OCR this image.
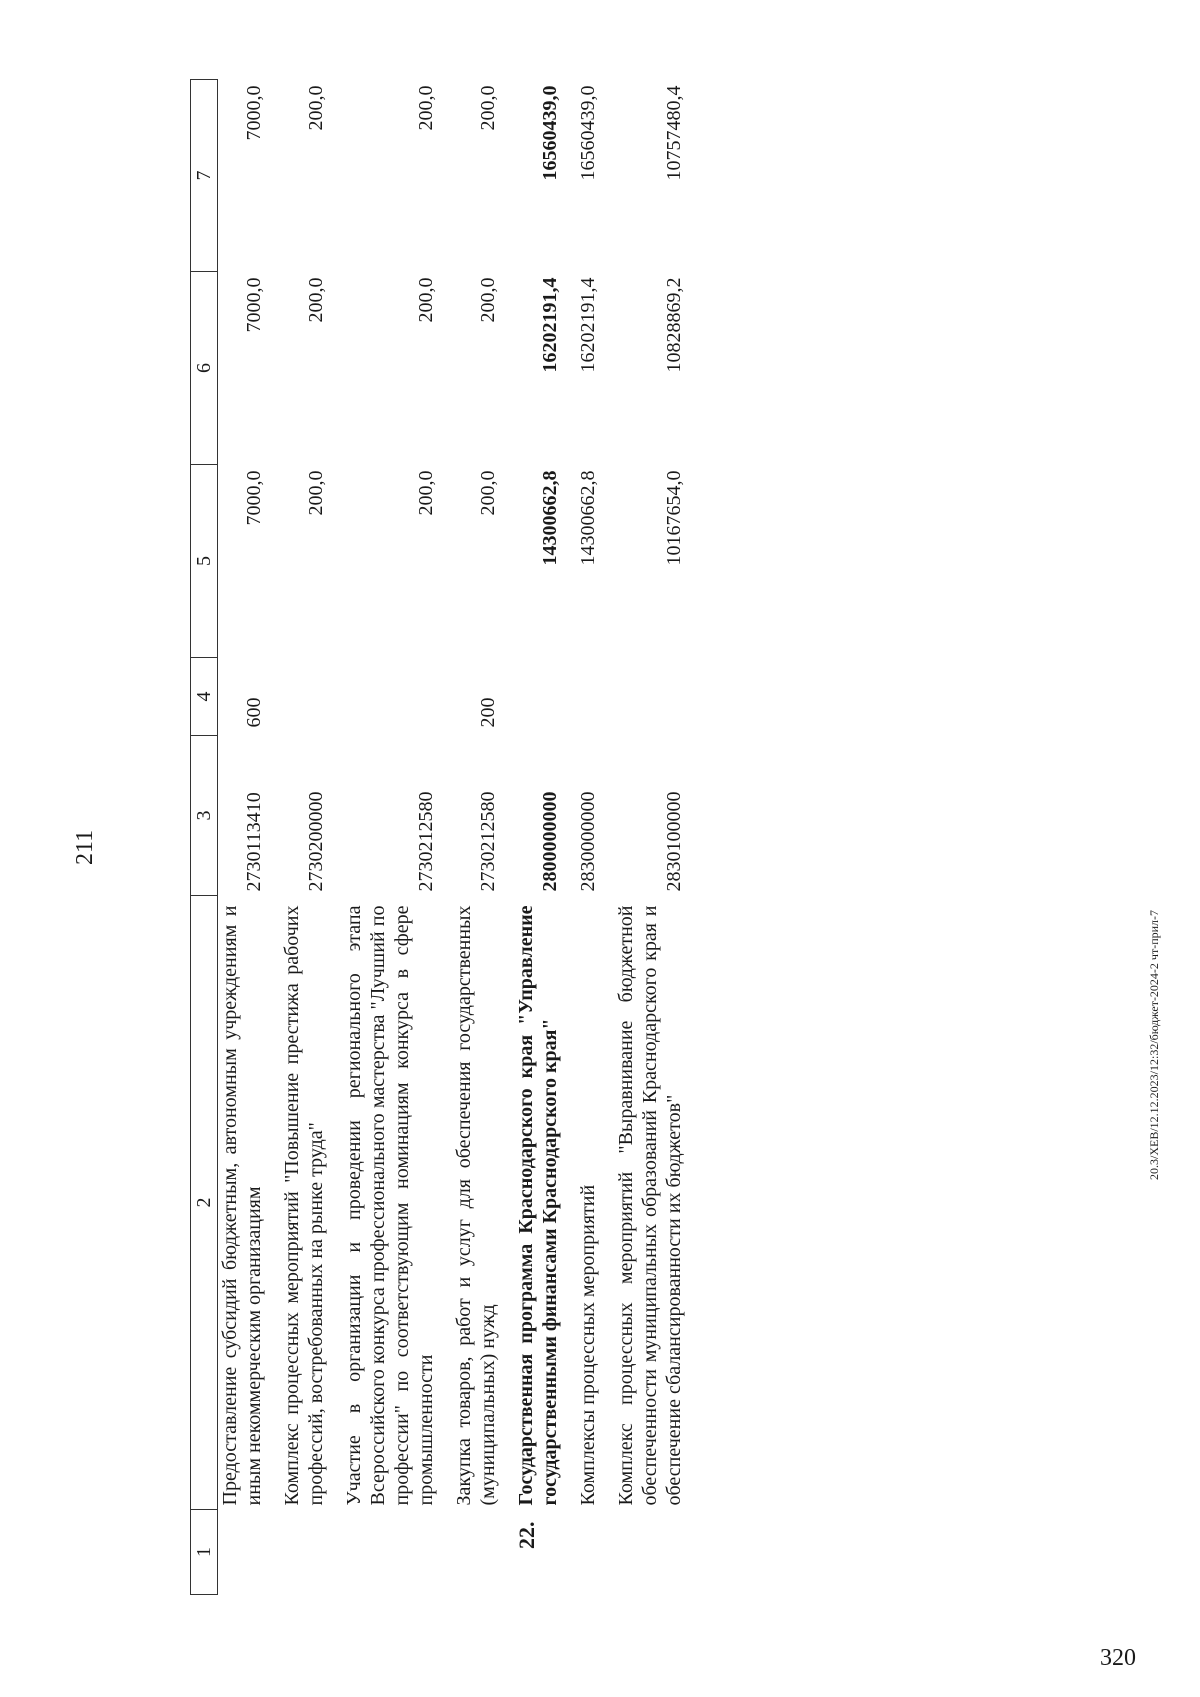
320
20.3/XEB/12.12.2023/12:32/бюджет-2024-2 чт-прил-7
211
1	2	3	4	5	6	7
	Предоставление субсидий бюджетным, автономным учреждениям и иным некоммерческим организациям	2730113410	600	7000,0	7000,0	7000,0
	Комплекс процессных мероприятий "Повышение престижа рабочих профессий, востребованных на рынке труда"	2730200000		200,0	200,0	200,0
	Участие в организации и проведении регионального этапа Всероссийского конкурса профессионального мастерства "Лучший по профессии" по соответствующим номинациям конкурса в сфере промышленности	2730212580		200,0	200,0	200,0
	Закупка товаров, работ и услуг для обеспечения государственных (муниципальных) нужд	2730212580	200	200,0	200,0	200,0
22.	Государственная программа Краснодарского края "Управление государственными финансами Краснодарского края"	2800000000		14300662,8	16202191,4	16560439,0
	Комплексы процессных мероприятий	2830000000		14300662,8	16202191,4	16560439,0
	Комплекс процессных мероприятий "Выравнивание бюджетной обеспеченности муниципальных образований Краснодарского края и обеспечение сбалансированности их бюджетов"	2830100000		10167654,0	10828869,2	10757480,4
